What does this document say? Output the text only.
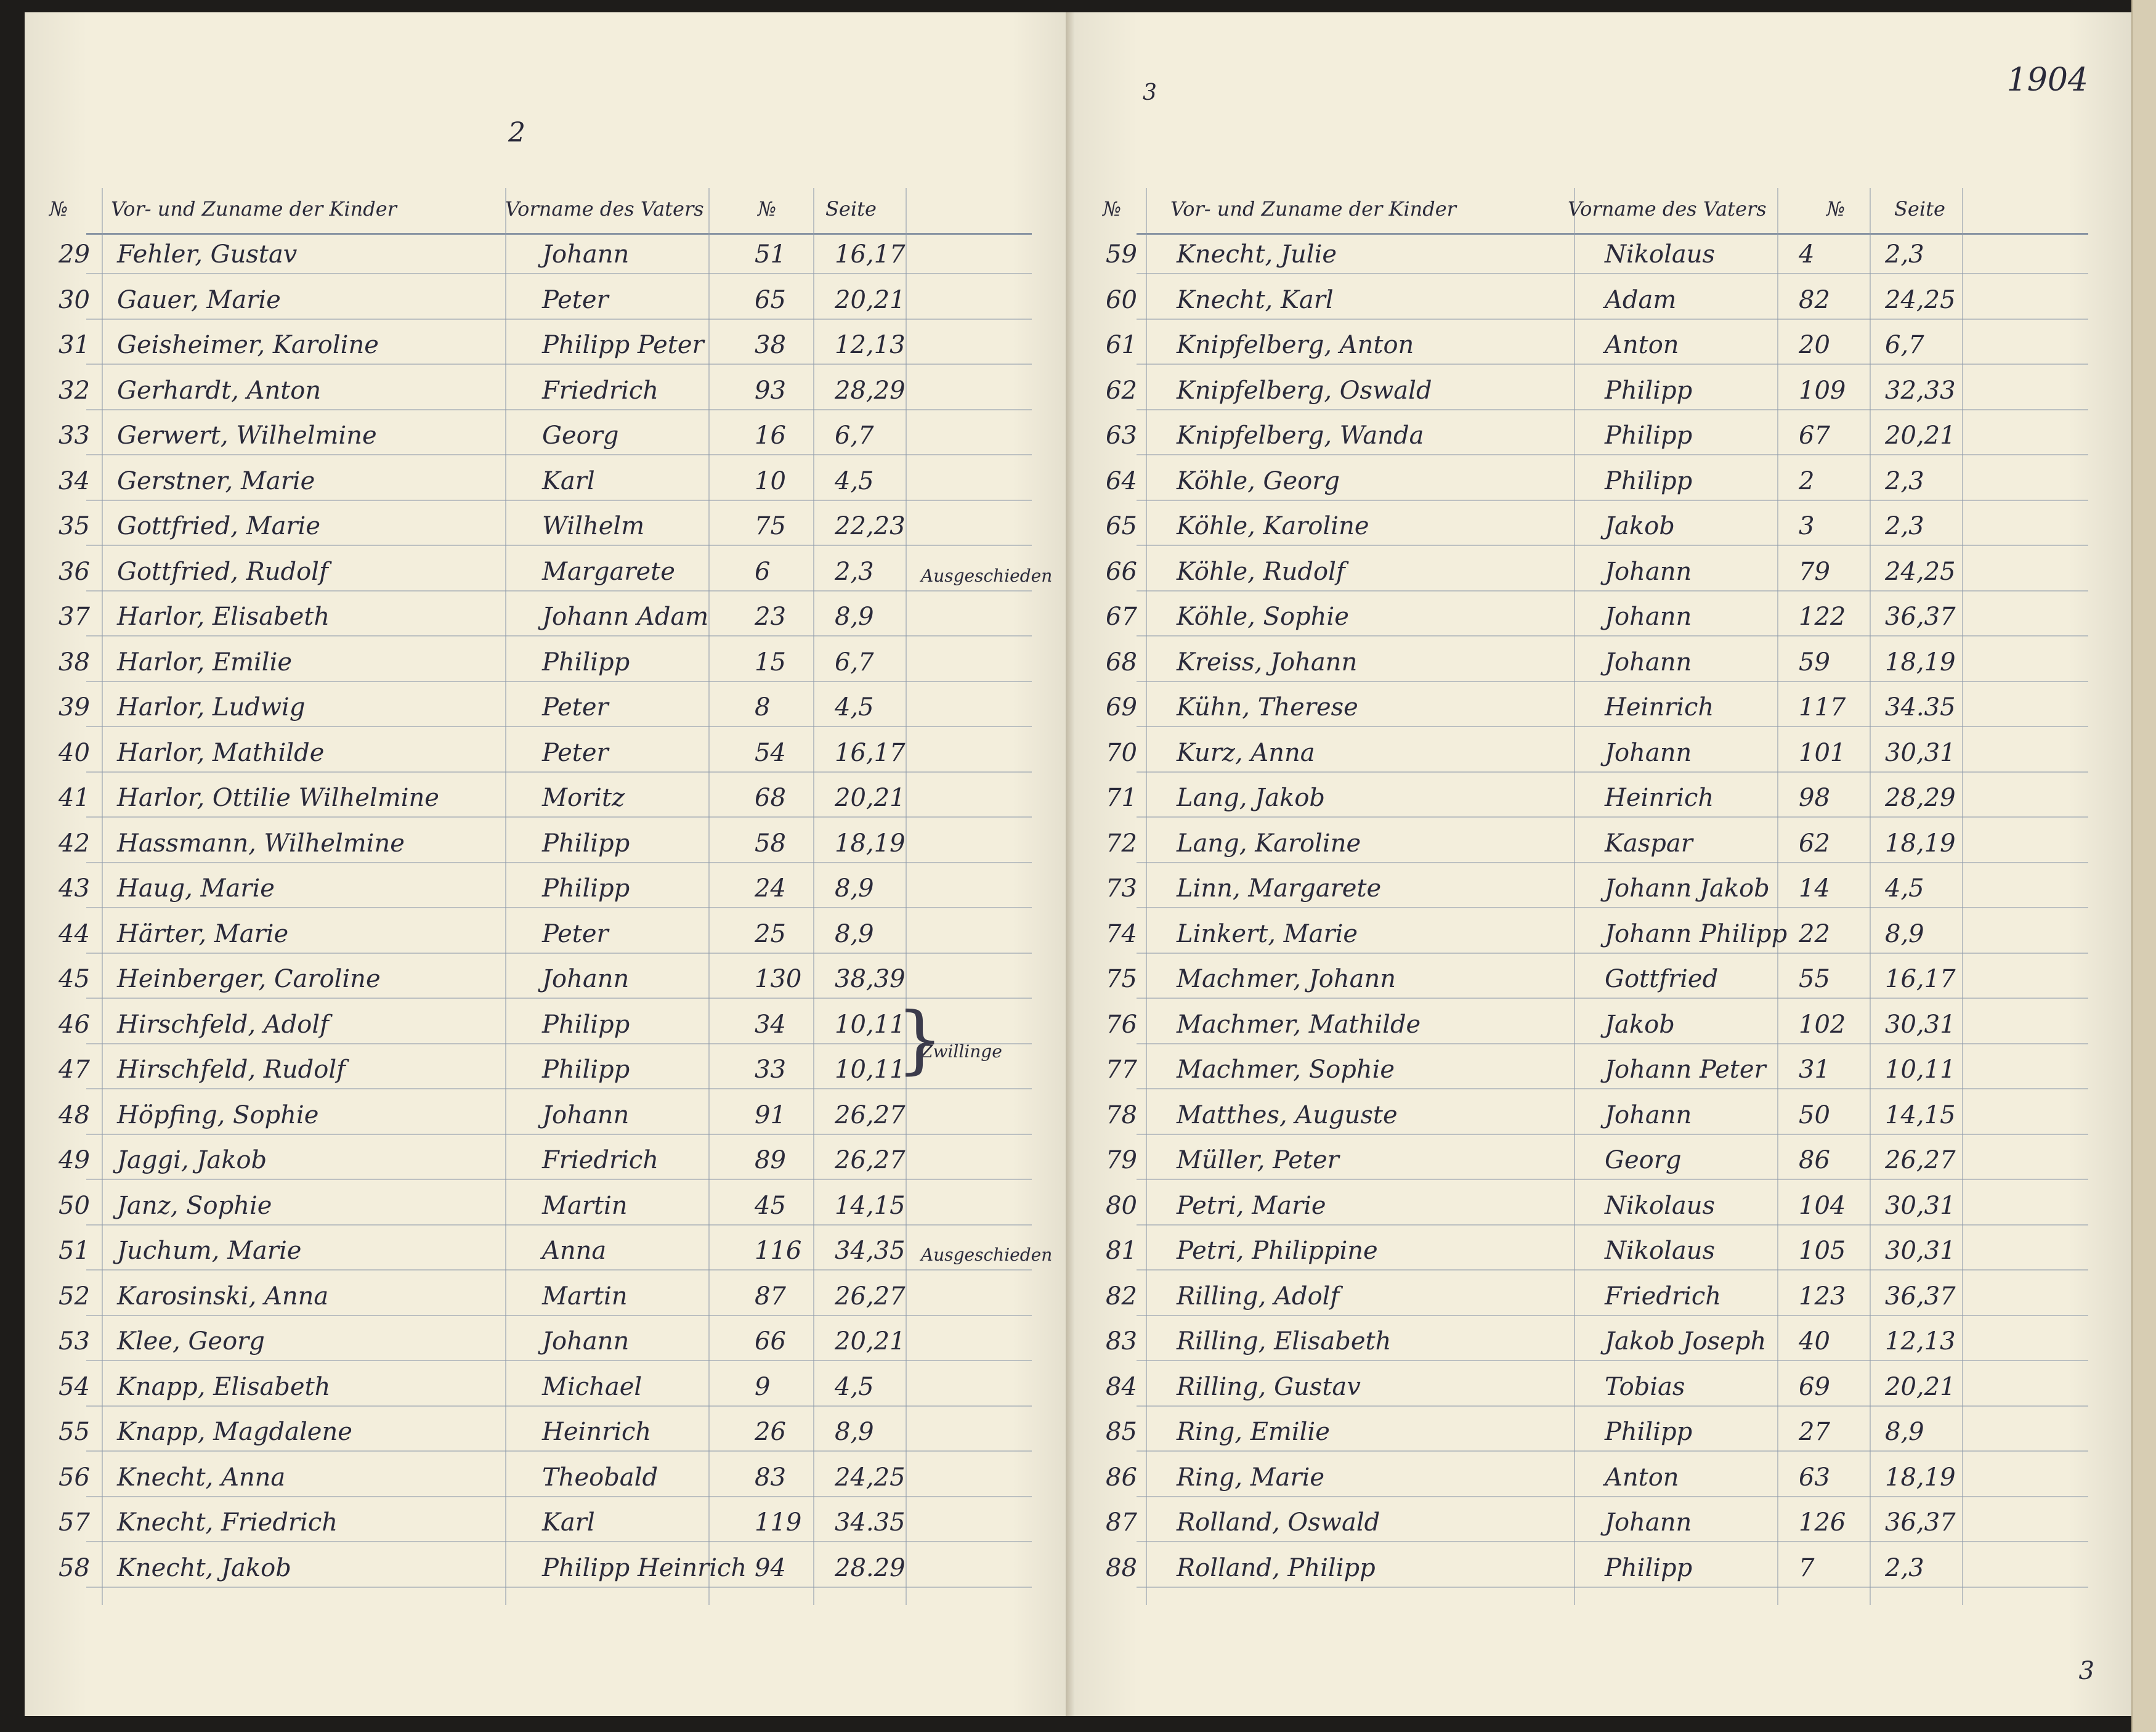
2
№ Vor- und Zuname der Kinder	Vorname des Vaters	№ Seite
29 Fehler, Gustav	Johann	51 16,17
30 Gauer, Marie	Peter	65 20,21
31 Geisheimer, Karoline	Philipp Peter 38 12,13
32 Gerhardt, Anton	Friedrich	93 28,29
33 Gerwert, Wilhelmine	Georg	16 6,7
34 Gerstner, Marie	Karl	10 4,5
35 Gottfried, Marie	Wilhelm	75 22,23
36 Gottfried, Rudolf	Margarete	6	2,3	Ausgeschieden
37 Harlor, Elisabeth	Johann Adam 23 8,9
38 Harlor, Emilie	Philipp	15 6,7
39 Harlor, Ludwig	Peter	8	4,5
40 Harlor, Mathilde	Peter	54 16,17
41 Harlor, Ottilie Wilhelmine	Moritz	68 20,21
42 Hassmann, Wilhelmine	Philipp	58 18,19
43 Haug, Marie	Philipp	24 8,9
44 Härter, Marie	Peter	25 8,9
45 Heinberger, Caroline	Johann	130 38,39
46 Hirschfeld, Adolf	Philipp	34 10,11
47 Hirschfeld, Rudolf	Philipp	33 10,11
Zwillinge
}
48 Höpfing, Sophie	Johann	91 26,27
49 Jaggi, Jakob	Friedrich	89 26,27
50 Janz, Sophie	Martin	45 14,15
51 Juchum, Marie	Anna	116 34,35 Ausgeschieden
52 Karosinski, Anna	Martin	87 26,27
53 Klee, Georg	Johann	66 20,21
54 Knapp, Elisabeth	Michael	9	4,5
55 Knapp, Magdalene	Heinrich	26 8,9
56 Knecht, Anna	Theobald	83 24,25
57 Knecht, Friedrich	Karl	119 34.35
58 Knecht, Jakob	Philipp Heinrich 94 28.29
3	1904
3
№ Vor- und Zuname der Kinder	Vorname des Vaters	№ Seite
59 Knecht, Julie	Nikolaus	4	2,3
60 Knecht, Karl	Adam	82 24,25
61 Knipfelberg, Anton	Anton	20 6,7
62 Knipfelberg, Oswald	Philipp	109 32,33
63 Knipfelberg, Wanda	Philipp	67 20,21
64 Köhle, Georg	Philipp	2	2,3
65 Köhle, Karoline	Jakob	3	2,3
66 Köhle, Rudolf	Johann	79 24,25
67 Köhle, Sophie	Johann	122 36,37
68 Kreiss, Johann	Johann	59 18,19
69 Kühn, Therese	Heinrich	117 34.35
70 Kurz, Anna	Johann	101 30,31
71 Lang, Jakob	Heinrich	98 28,29
72 Lang, Karoline	Kaspar	62 18,19
73 Linn, Margarete	Johann Jakob 14 4,5
74 Linkert, Marie	Johann Philipp 22 8,9
75 Machmer, Johann	Gottfried	55 16,17
76 Machmer, Mathilde	Jakob	102 30,31
77 Machmer, Sophie	Johann Peter 31 10,11
78 Matthes, Auguste	Johann	50 14,15
79 Müller, Peter	Georg	86 26,27
80 Petri, Marie	Nikolaus	104 30,31
81 Petri, Philippine	Nikolaus	105 30,31
82 Rilling, Adolf	Friedrich	123 36,37
83 Rilling, Elisabeth	Jakob Joseph 40 12,13
84 Rilling, Gustav	Tobias	69 20,21
85 Ring, Emilie	Philipp	27 8,9
86 Ring, Marie	Anton	63 18,19
87 Rolland, Oswald	Johann	126 36,37
88 Rolland, Philipp	Philipp	7	2,3
